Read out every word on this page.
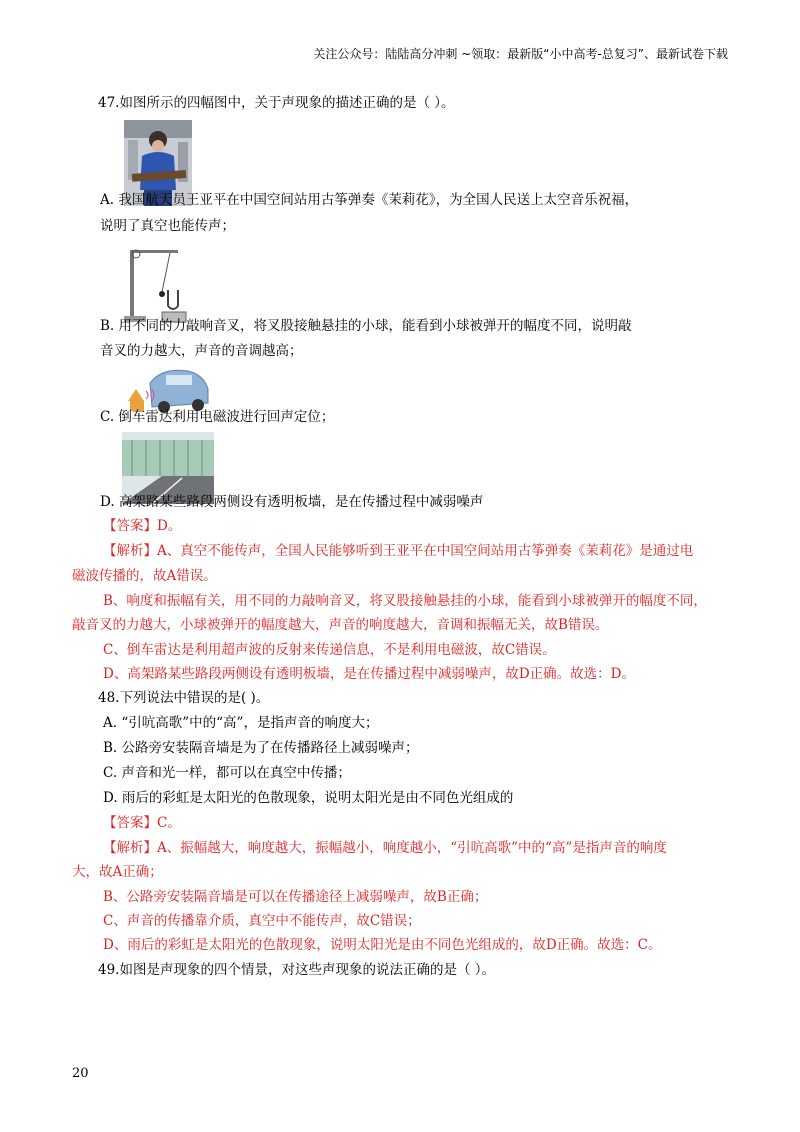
关注公众号：陆陆高分冲刺 ~领取：最新版“小中高考-总复习”、最新试卷下载
47.如图所示的四幅图中，关于声现象的描述正确的是（ ）。
A. 我国航天员王亚平在中国空间站用古筝弹奏《茉莉花》，为全国人民送上太空音乐祝福，
说明了真空也能传声；
B. 用不同的力敲响音叉，将叉股接触悬挂的小球，能看到小球被弹开的幅度不同，说明敲
音叉的力越大，声音的音调越高；
C. 倒车雷达利用电磁波进行回声定位；
D. 高架路某些路段两侧设有透明板墙，是在传播过程中减弱噪声
【答案】D。
【解析】A、真空不能传声，全国人民能够听到王亚平在中国空间站用古筝弹奏《茉莉花》是通过电
磁波传播的，故A错误。
B、响度和振幅有关，用不同的力敲响音叉，将叉股接触悬挂的小球，能看到小球被弹开的幅度不同，
敲音叉的力越大，小球被弹开的幅度越大，声音的响度越大，音调和振幅无关，故B错误。
C、倒车雷达是利用超声波的反射来传递信息，不是利用电磁波，故C错误。
D、高架路某些路段两侧设有透明板墙，是在传播过程中减弱噪声，故D正确。故选：D。
48.下列说法中错误的是( )。
A. “引吭高歌”中的“高”，是指声音的响度大；
B. 公路旁安装隔音墙是为了在传播路径上减弱噪声；
C. 声音和光一样，都可以在真空中传播；
D. 雨后的彩虹是太阳光的色散现象，说明太阳光是由不同色光组成的
【答案】C。
【解析】A、振幅越大，响度越大，振幅越小，响度越小，“引吭高歌”中的“高”是指声音的响度
大，故A正确；
B、公路旁安装隔音墙是可以在传播途径上减弱噪声，故B正确；
C、声音的传播靠介质，真空中不能传声，故C错误；
D、雨后的彩虹是太阳光的色散现象，说明太阳光是由不同色光组成的，故D正确。故选：C。
49.如图是声现象的四个情景，对这些声现象的说法正确的是（ ）。
20
